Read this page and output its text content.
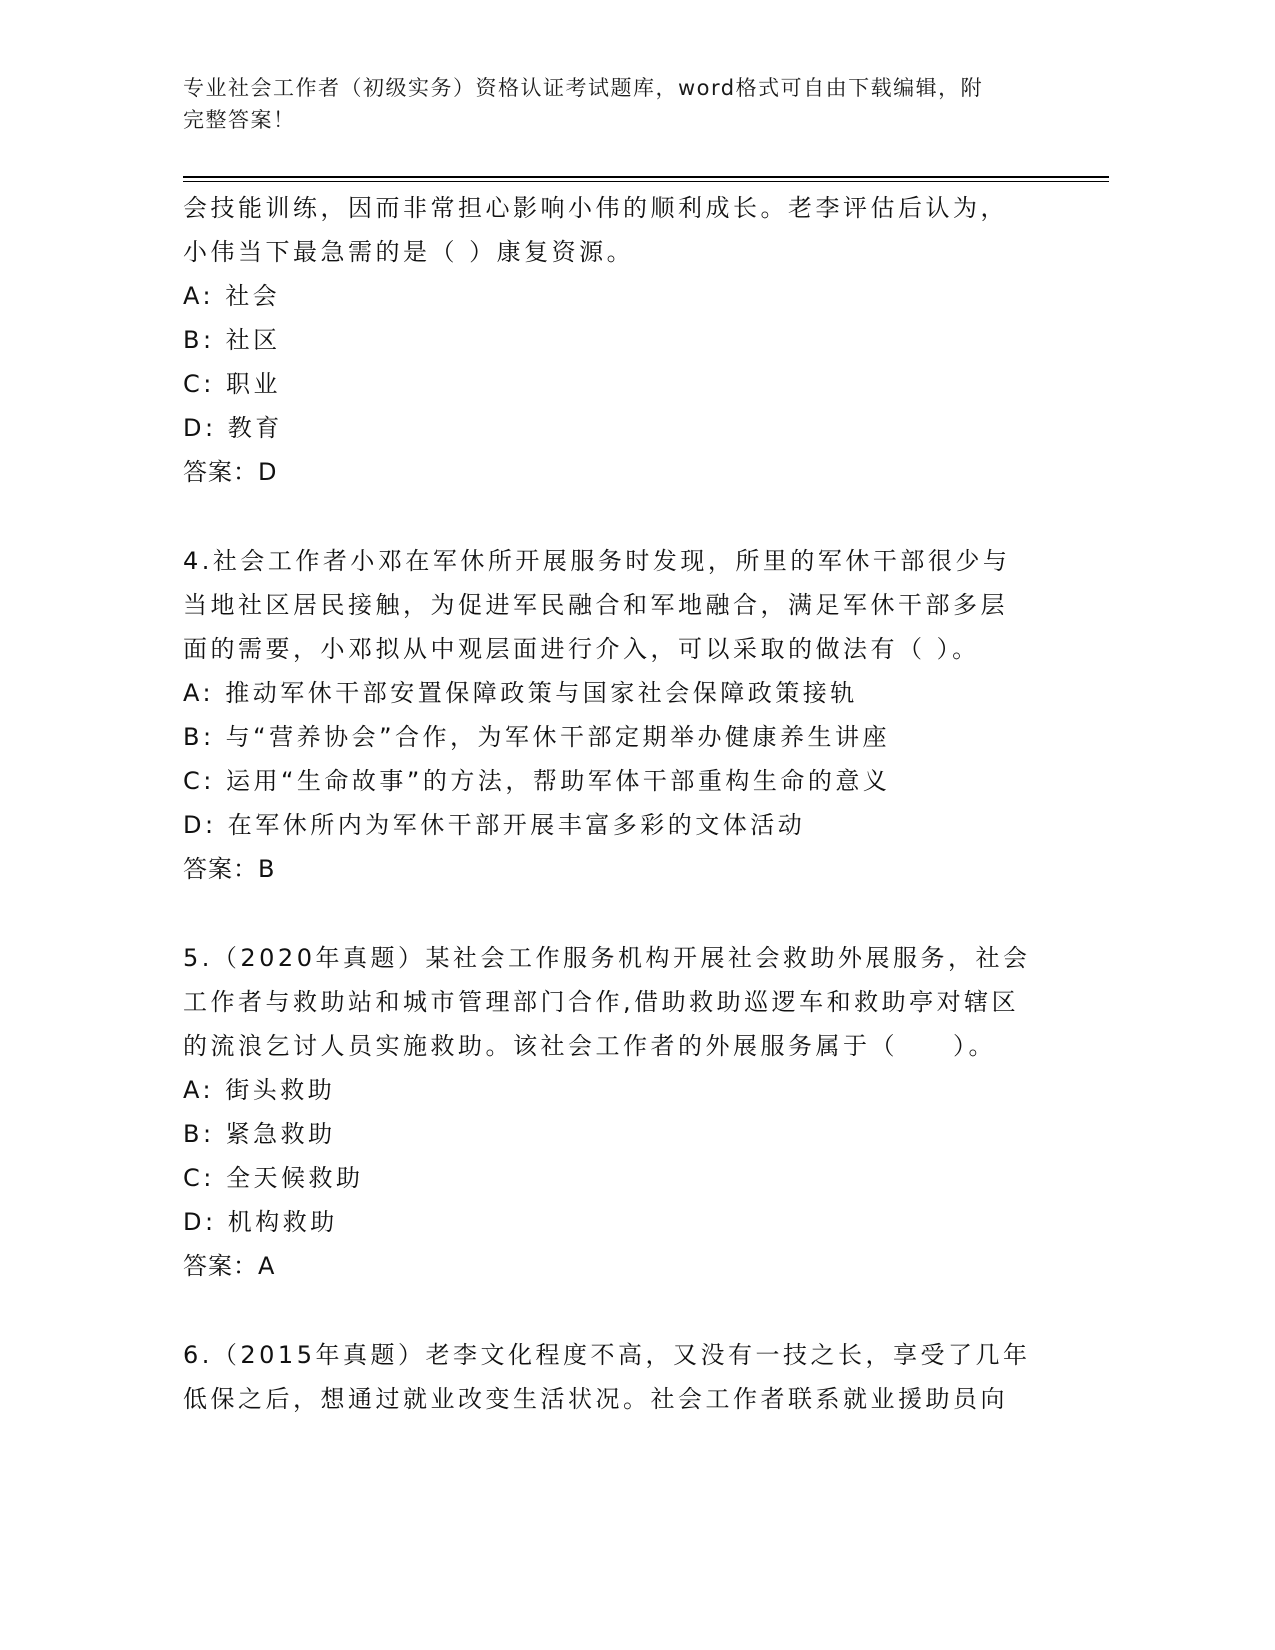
专业社会工作者（初级实务）资格认证考试题库，word格式可自由下载编辑，附
完整答案！
会技能训练，因而非常担心影响小伟的顺利成长。老李评估后认为，
小伟当下最急需的是（ ）康复资源。
A: 社会
B: 社区
C: 职业
D: 教育
答案：D
4.社会工作者小邓在军休所开展服务时发现，所里的军休干部很少与
当地社区居民接触，为促进军民融合和军地融合，满足军休干部多层
面的需要，小邓拟从中观层面进行介入，可以采取的做法有（ ）。
A: 推动军休干部安置保障政策与国家社会保障政策接轨
B: 与“营养协会”合作，为军休干部定期举办健康养生讲座
C: 运用“生命故事”的方法，帮助军体干部重构生命的意义
D: 在军休所内为军休干部开展丰富多彩的文体活动
答案：B
5.（2020年真题）某社会工作服务机构开展社会救助外展服务，社会
工作者与救助站和城市管理部门合作,借助救助巡逻车和救助亭对辖区
的流浪乞讨人员实施救助。该社会工作者的外展服务属于（　　）。
A: 街头救助
B: 紧急救助
C: 全天候救助
D: 机构救助
答案：A
6.（2015年真题）老李文化程度不高，又没有一技之长，享受了几年
低保之后，想通过就业改变生活状况。社会工作者联系就业援助员向
